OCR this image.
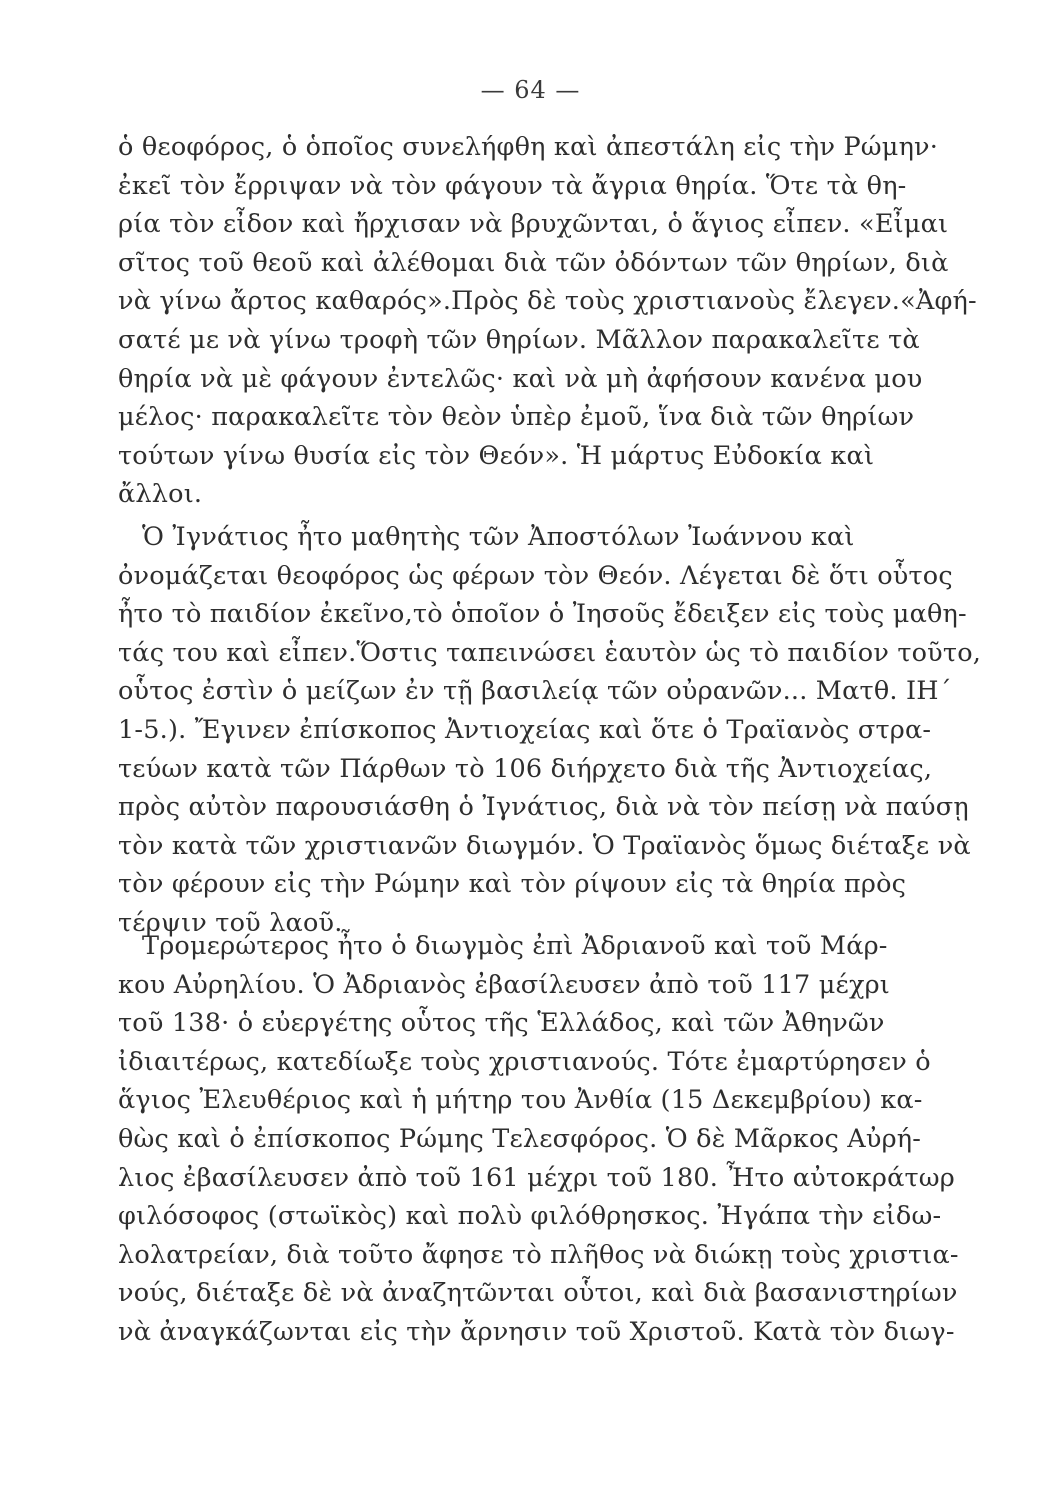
— 64 —
ὁ θεοφόρος, ὁ ὁποῖος συνελήφθη καὶ ἀπεστάλη εἰς τὴν Ρώμην·
ἐκεῖ τὸν ἔρριψαν νὰ τὸν φάγουν τὰ ἄγρια θηρία. Ὅτε τὰ θη-
ρία τὸν εἶδον καὶ ἤρχισαν νὰ βρυχῶνται, ὁ ἅγιος εἶπεν. «Εἶμαι
σῖτος τοῦ θεοῦ καὶ ἀλέθομαι διὰ τῶν ὀδόντων τῶν θηρίων, διὰ
νὰ γίνω ἄρτος καθαρός».Πρὸς δὲ τοὺς χριστιανοὺς ἔλεγεν.«Ἀφή-
σατέ με νὰ γίνω τροφὴ τῶν θηρίων. Μᾶλλον παρακαλεῖτε τὰ
θηρία νὰ μὲ φάγουν ἐντελῶς· καὶ νὰ μὴ ἀφήσουν κανένα μου
μέλος· παρακαλεῖτε τὸν θεὸν ὑπὲρ ἐμοῦ, ἵνα διὰ τῶν θηρίων
τούτων γίνω θυσία εἰς τὸν Θεόν». Ἡ μάρτυς Εὐδοκία καὶ
ἄλλοι.
Ὁ Ἰγνάτιος ἦτο μαθητὴς τῶν Ἀποστόλων Ἰωάννου καὶ
ὀνομάζεται θεοφόρος ὡς φέρων τὸν Θεόν. Λέγεται δὲ ὅτι οὗτος
ἦτο τὸ παιδίον ἐκεῖνο,τὸ ὁποῖον ὁ Ἰησοῦς ἔδειξεν εἰς τοὺς μαθη-
τάς του καὶ εἶπεν.Ὅστις ταπεινώσει ἑαυτὸν ὡς τὸ παιδίον τοῦτο,
οὗτος ἐστὶν ὁ μείζων ἐν τῇ βασιλείᾳ τῶν οὐρανῶν... Ματθ. ΙΗ΄
1-5.). Ἔγινεν ἐπίσκοπος Ἀντιοχείας καὶ ὅτε ὁ Τραϊανὸς στρα-
τεύων κατὰ τῶν Πάρθων τὸ 106 διήρχετο διὰ τῆς Ἀντιοχείας,
πρὸς αὐτὸν παρουσιάσθη ὁ Ἰγνάτιος, διὰ νὰ τὸν πείσῃ νὰ παύσῃ
τὸν κατὰ τῶν χριστιανῶν διωγμόν. Ὁ Τραϊανὸς ὅμως διέταξε νὰ
τὸν φέρουν εἰς τὴν Ρώμην καὶ τὸν ρίψουν εἰς τὰ θηρία πρὸς
τέρψιν τοῦ λαοῦ.
Τρομερώτερος ἦτο ὁ διωγμὸς ἐπὶ Ἀδριανοῦ καὶ τοῦ Μάρ-
κου Αὐρηλίου. Ὁ Ἀδριανὸς ἐβασίλευσεν ἀπὸ τοῦ 117 μέχρι
τοῦ 138· ὁ εὐεργέτης οὗτος τῆς Ἑλλάδος, καὶ τῶν Ἀθηνῶν
ἰδιαιτέρως, κατεδίωξε τοὺς χριστιανούς. Τότε ἐμαρτύρησεν ὁ
ἅγιος Ἐλευθέριος καὶ ἡ μήτηρ του Ἀνθία (15 Δεκεμβρίου) κα-
θὼς καὶ ὁ ἐπίσκοπος Ρώμης Τελεσφόρος. Ὁ δὲ Μᾶρκος Αὐρή-
λιος ἐβασίλευσεν ἀπὸ τοῦ 161 μέχρι τοῦ 180. Ἦτο αὐτοκράτωρ
φιλόσοφος (στωϊκὸς) καὶ πολὺ φιλόθρησκος. Ἠγάπα τὴν εἰδω-
λολατρείαν, διὰ τοῦτο ἄφησε τὸ πλῆθος νὰ διώκῃ τοὺς χριστια-
νούς, διέταξε δὲ νὰ ἀναζητῶνται οὗτοι, καὶ διὰ βασανιστηρίων
νὰ ἀναγκάζωνται εἰς τὴν ἄρνησιν τοῦ Χριστοῦ. Κατὰ τὸν διωγ-
